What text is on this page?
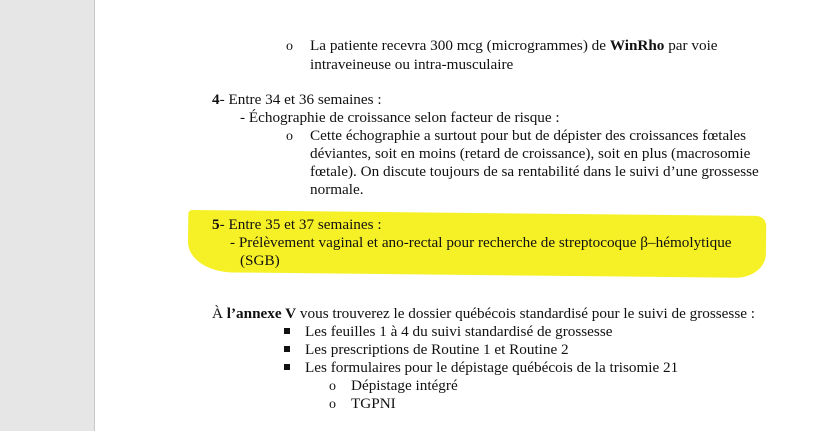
o La patiente recevra 300 mcg (microgrammes) de WinRho par voie
intraveineuse ou intra-musculaire
4- Entre 34 et 36 semaines :
- Échographie de croissance selon facteur de risque :
o Cette échographie a surtout pour but de dépister des croissances fœtales
déviantes, soit en moins (retard de croissance), soit en plus (macrosomie
fœtale). On discute toujours de sa rentabilité dans le suivi d’une grossesse
normale.
5- Entre 35 et 37 semaines :
- Prélèvement vaginal et ano-rectal pour recherche de streptocoque β–hémolytique
(SGB)
À l’annexe V vous trouverez le dossier québécois standardisé pour le suivi de grossesse :
Les feuilles 1 à 4 du suivi standardisé de grossesse
Les prescriptions de Routine 1 et Routine 2
Les formulaires pour le dépistage québécois de la trisomie 21
o Dépistage intégré
o TGPNI
